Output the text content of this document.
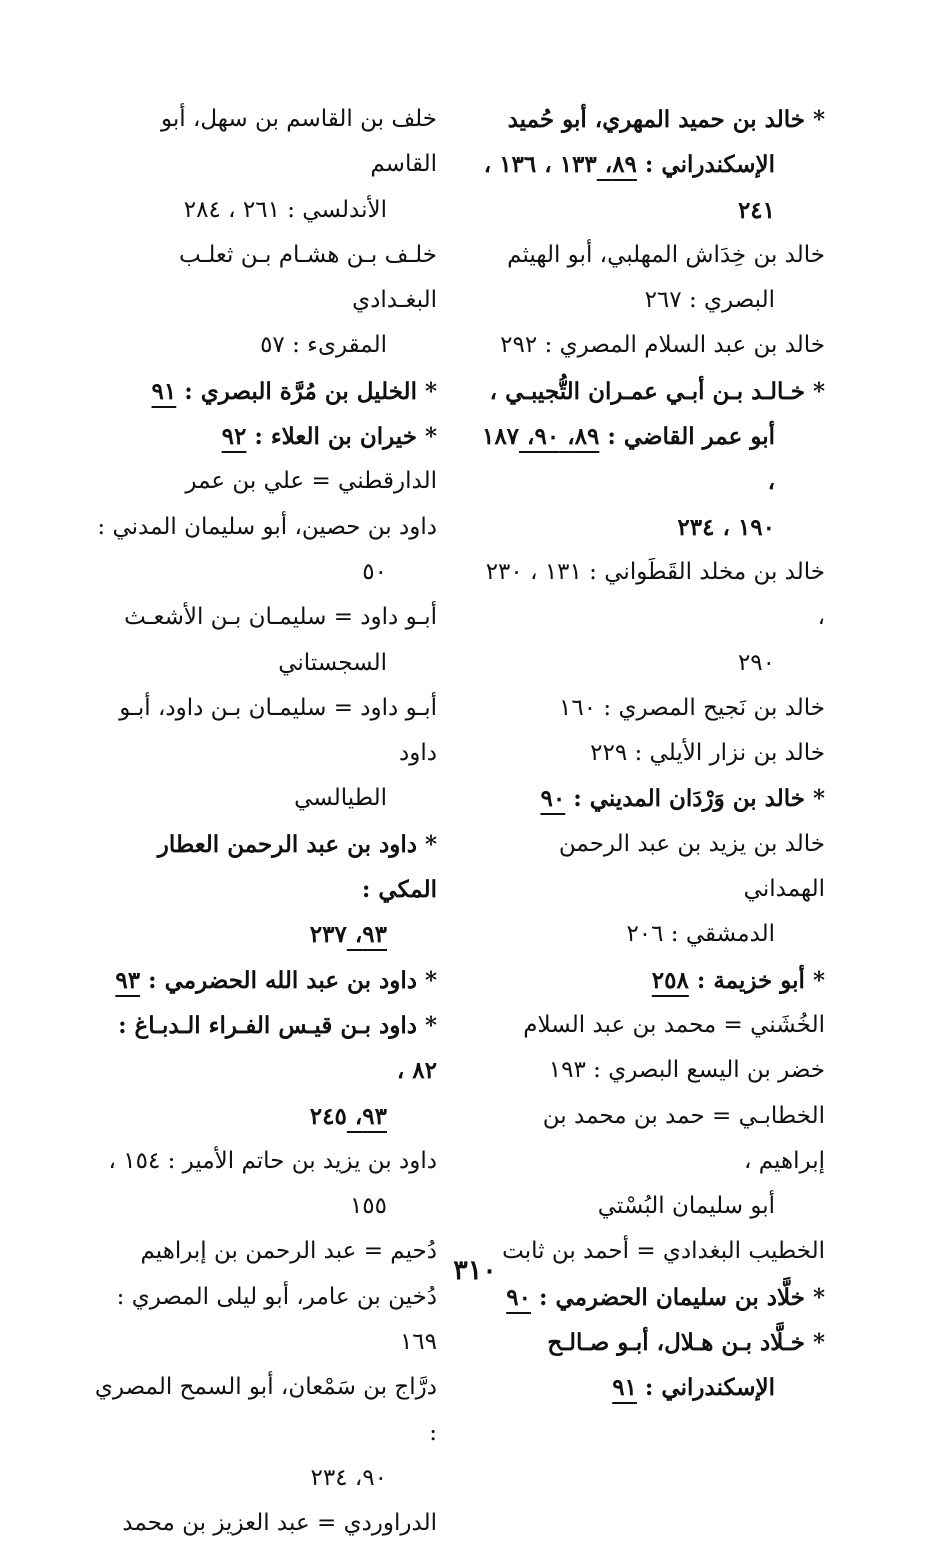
* خالد بن حميد المهري، أبو حُميد
الإسكندراني : ٨٩، ١٣٣ ، ١٣٦ ،
٢٤١
خالد بن خِدَاش المهلبي، أبو الهيثم
البصري : ٢٦٧
خالد بن عبد السلام المصري : ٢٩٢
* خـالـد بـن أبـي عمـران التُّجيبـي ،
أبو عمر القاضي : ٨٩، ٩٠، ١٨٧ ،
١٩٠ ، ٢٣٤
خالد بن مخلد القَطَواني : ١٣١ ، ٢٣٠ ،
٢٩٠
خالد بن نَجيح المصري : ١٦٠
خالد بن نزار الأيلي : ٢٢٩
* خالد بن وَرْدَان المديني : ٩٠
خالد بن يزيد بن عبد الرحمن الهمداني
الدمشقي : ٢٠٦
* أبو خزيمة : ٢٥٨
الخُشَني = محمد بن عبد السلام
خضر بن اليسع البصري : ١٩٣
الخطابـي = حمد بن محمد بن إبراهيم ،
أبو سليمان البُسْتي
الخطيب البغدادي = أحمد بن ثابت
* خلَّاد بن سليمان الحضرمي : ٩٠
* خـلَّاد بـن هـلال، أبـو صـالـح
الإسكندراني : ٩١
خلف بن القاسم بن سهل، أبو القاسم
الأندلسي : ٢٦١ ، ٢٨٤
خلـف بـن هشـام بـن ثعلـب البغـدادي
المقرىء : ٥٧
* الخليل بن مُرَّة البصري : ٩١
* خيران بن العلاء : ٩٢
الدارقطني = علي بن عمر
داود بن حصين، أبو سليمان المدني :
٥٠
أبـو داود = سليمـان بـن الأشعـث
السجستاني
أبـو داود = سليمـان بـن داود، أبـو داود
الطيالسي
* داود بن عبد الرحمن العطار المكي :
٩٣، ٢٣٧
* داود بن عبد الله الحضرمي : ٩٣
* داود بـن قيـس الفـراء الـدبـاغ : ٨٢ ،
٩٣، ٢٤٥
داود بن يزيد بن حاتم الأمير : ١٥٤ ،
١٥٥
دُحيم = عبد الرحمن بن إبراهيم
دُخين بن عامر، أبو ليلى المصري : ١٦٩
درَّاج بن سَمْعان، أبو السمح المصري :
٩٠، ٢٣٤
الدراوردي = عبد العزيز بن محمد
٣١٠
